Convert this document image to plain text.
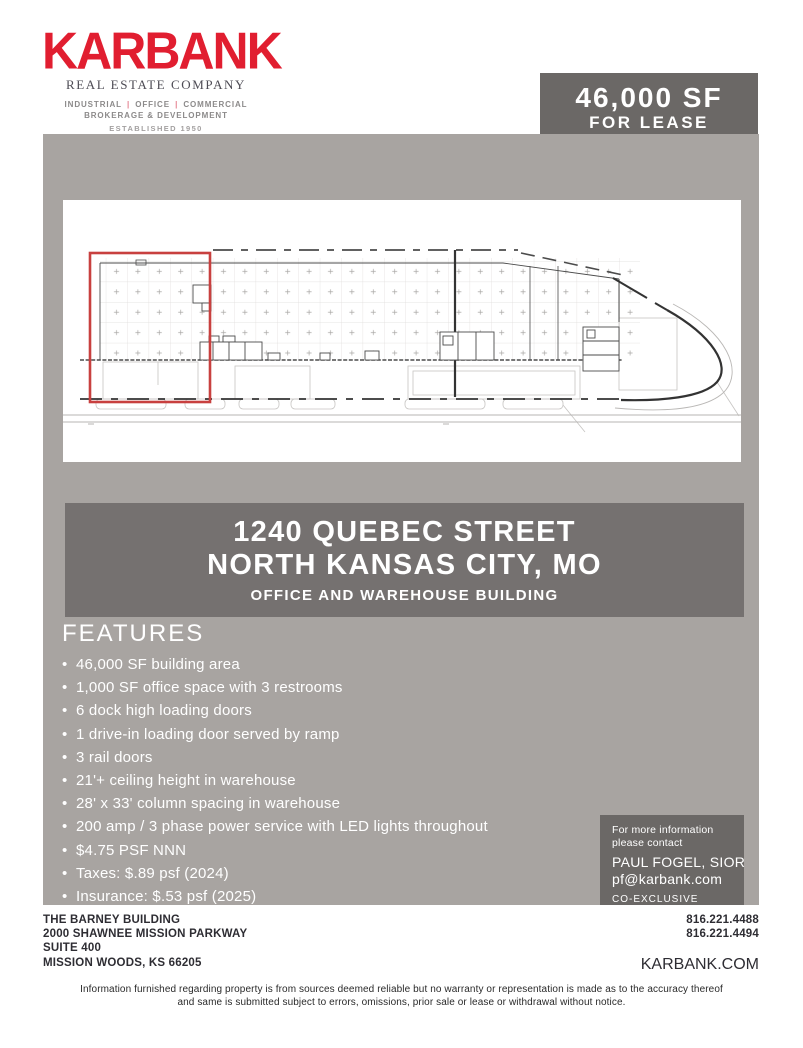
KARBANK
REAL ESTATE COMPANY
INDUSTRIAL | OFFICE | COMMERCIAL
BROKERAGE & DEVELOPMENT
ESTABLISHED 1950
46,000 SF
FOR LEASE
1240 QUEBEC STREET
NORTH KANSAS CITY, MO
OFFICE AND WAREHOUSE BUILDING
FEATURES
• 46,000 SF building area
• 1,000 SF office space with 3 restrooms
• 6 dock high loading doors
• 1 drive-in loading door served by ramp
• 3 rail doors
• 21'+ ceiling height in warehouse
• 28' x 33' column spacing in warehouse
• 200 amp / 3 phase power service with LED lights throughout
• $4.75 PSF NNN
• Taxes: $.89 psf (2024)
• Insurance: $.53 psf (2025)
For more information
please contact
PAUL FOGEL, SIOR
pf@karbank.com
CO-EXCLUSIVE
THE BARNEY BUILDING
2000 SHAWNEE MISSION PARKWAY
SUITE 400
MISSION WOODS, KS 66205
816.221.4488
816.221.4494
KARBANK.COM
Information furnished regarding property is from sources deemed reliable but no warranty or representation is made as to the accuracy thereof
and same is submitted subject to errors, omissions, prior sale or lease or withdrawal without notice.
